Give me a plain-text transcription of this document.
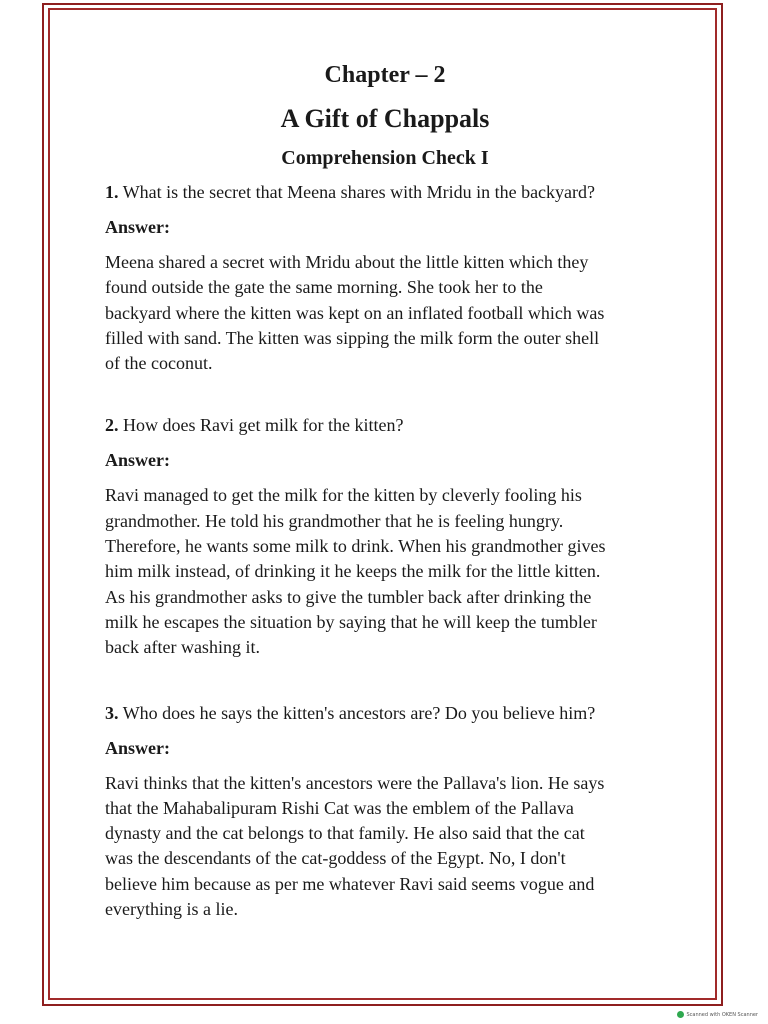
Chapter – 2
A Gift of Chappals
Comprehension Check I

1. What is the secret that Meena shares with Mridu in the backyard?

Answer:

Meena shared a secret with Mridu about the little kitten which they
found outside the gate the same morning. She took her to the
backyard where the kitten was kept on an inflated football which was
filled with sand. The kitten was sipping the milk form the outer shell
of the coconut.

2. How does Ravi get milk for the kitten?

Answer:

Ravi managed to get the milk for the kitten by cleverly fooling his
grandmother. He told his grandmother that he is feeling hungry.
Therefore, he wants some milk to drink. When his grandmother gives
him milk instead, of drinking it he keeps the milk for the little kitten.
As his grandmother asks to give the tumbler back after drinking the
milk he escapes the situation by saying that he will keep the tumbler
back after washing it.

3. Who does he says the kitten's ancestors are? Do you believe him?

Answer:

Ravi thinks that the kitten's ancestors were the Pallava's lion. He says
that the Mahabalipuram Rishi Cat was the emblem of the Pallava
dynasty and the cat belongs to that family. He also said that the cat
was the descendants of the cat-goddess of the Egypt. No, I don't
believe him because as per me whatever Ravi said seems vogue and
everything is a lie.

Scanned with OKEN Scanner
